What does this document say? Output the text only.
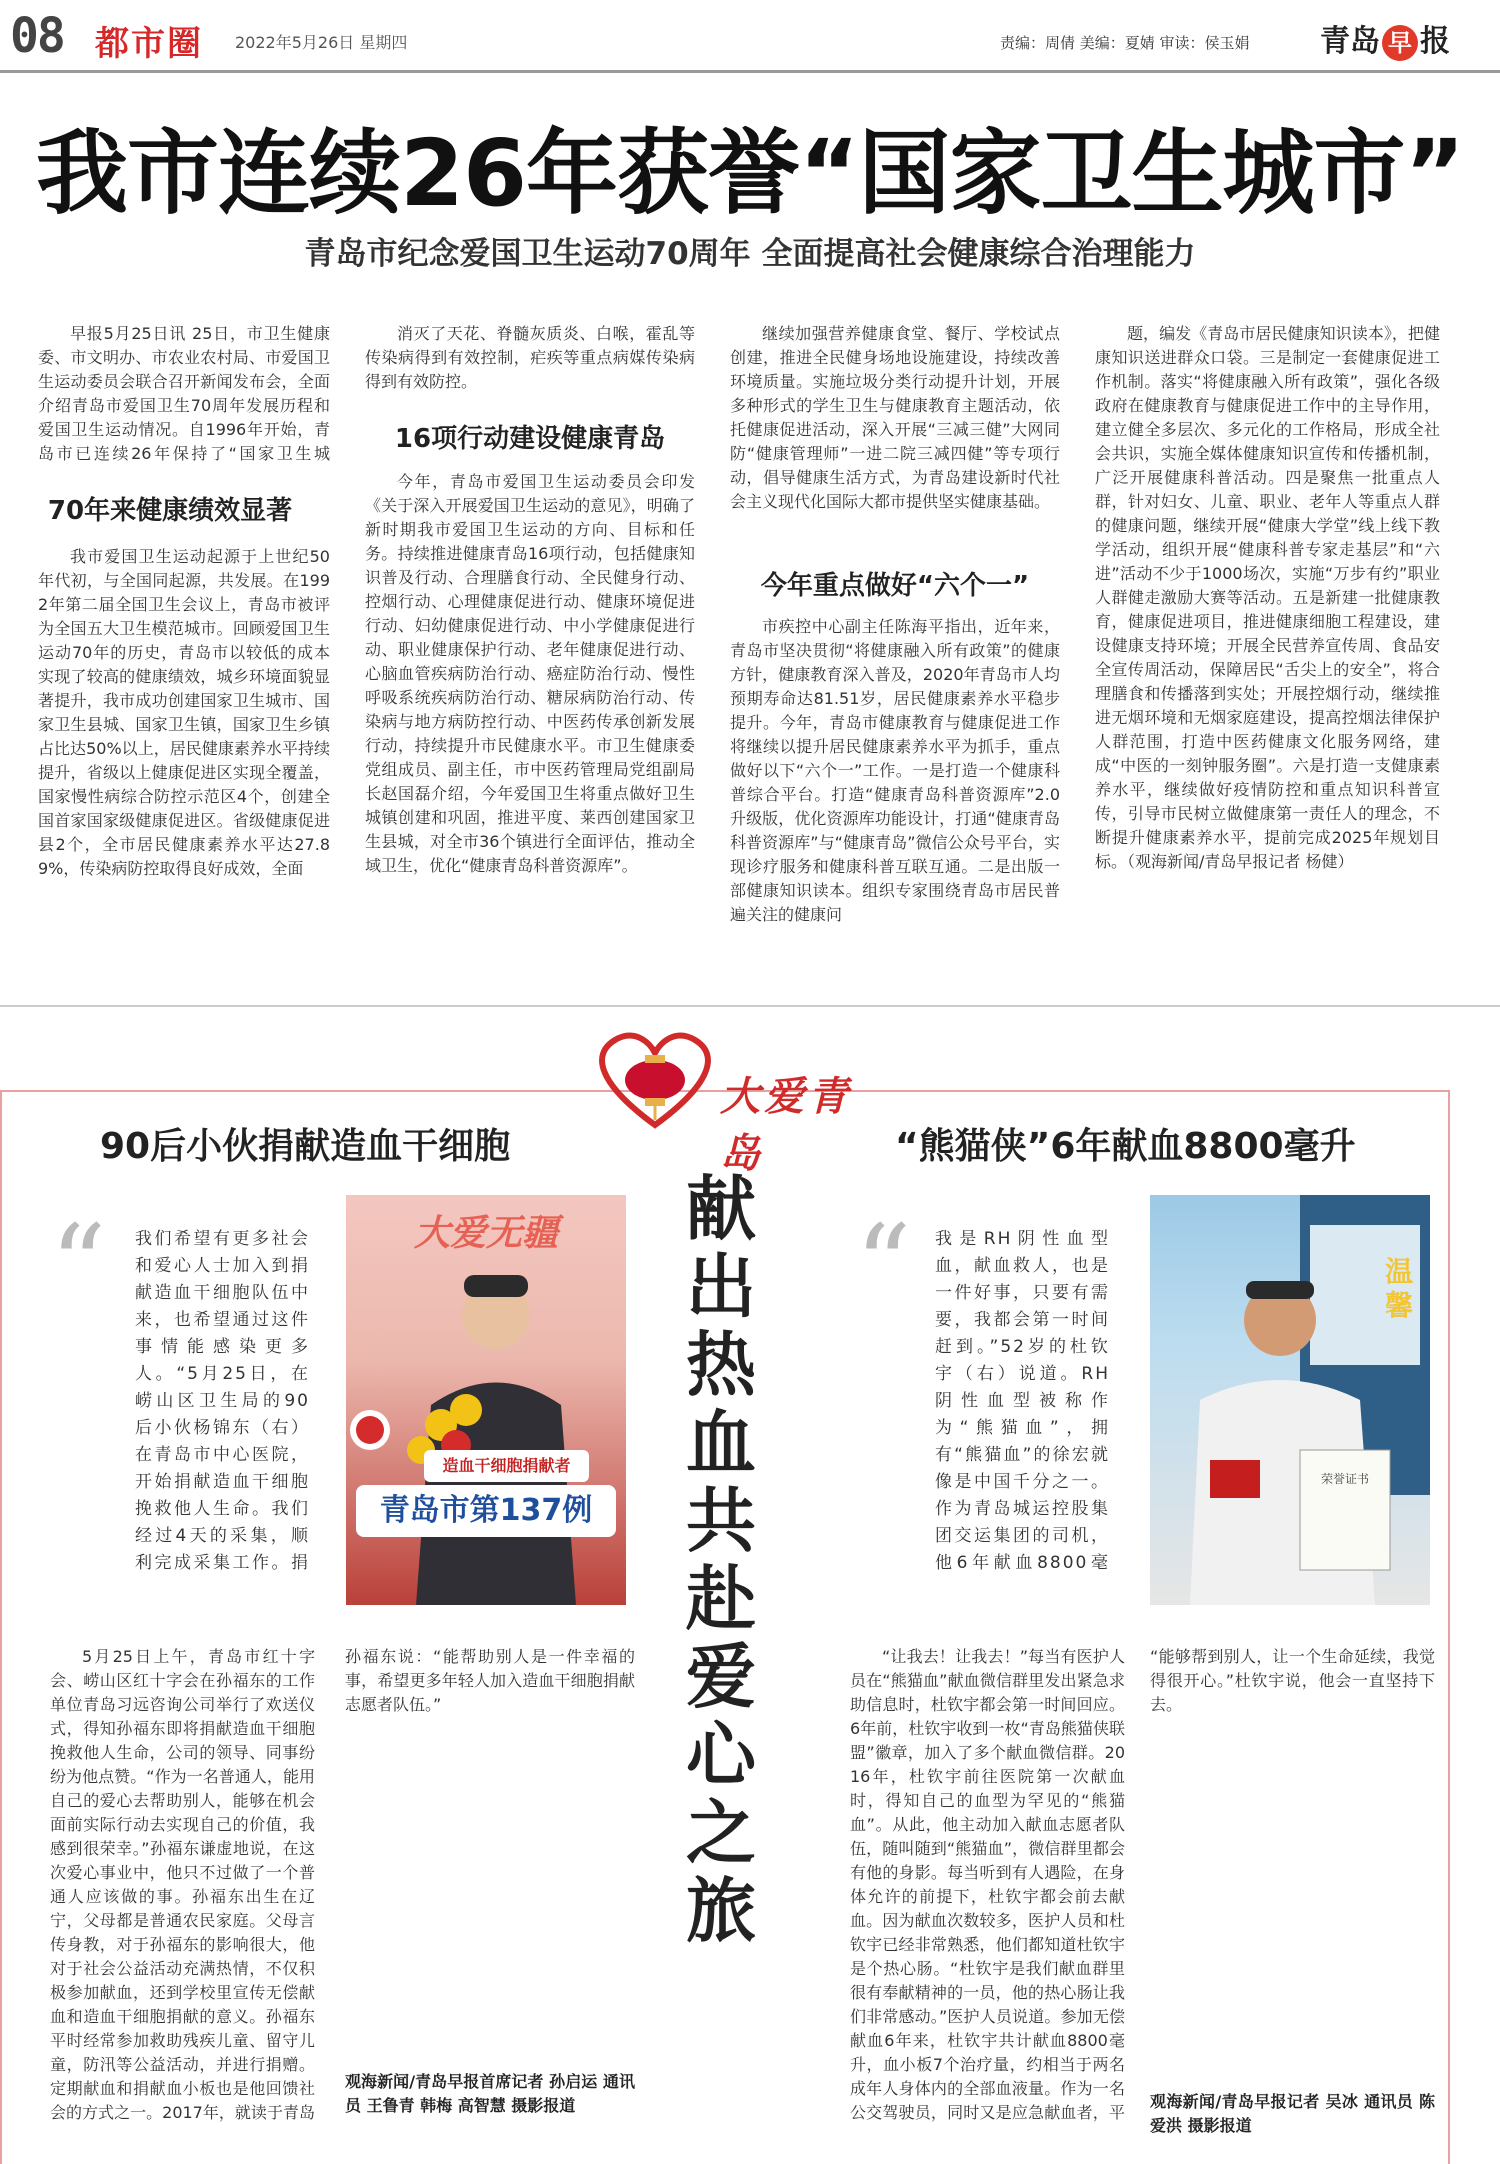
08 都市圈 2022年5月26日 星期四	责编：周倩 美编：夏婧 审读：侯玉娟 青岛 早 报
我市连续26年获誉“国家卫生城市”
青岛市纪念爱国卫生运动70周年 全面提高社会健康综合治理能力

早报5月25日讯 25日，市卫生健康委、市文明办、市农业农村局、市爱国卫生运动委员会联合召开新闻发布会，全面介绍青岛市爱国卫生70周年发展历程和爱国卫生运动情况。自1996年开始，青岛市已连续26年保持了“国家卫生城

70年来健康绩效显著

我市爱国卫生运动起源于上世纪50年代初，与全国同起源，共发展。在1992年第二届全国卫生会议上，青岛市被评为全国五大卫生模范城市。回顾爱国卫生运动70年的历史，青岛市以较低的成本实现了较高的健康绩效，城乡环境面貌显著提升，我市成功创建国家卫生城市、国家卫生县城、国家卫生镇，国家卫生乡镇占比达50%以上，居民健康素养水平持续提升，省级以上健康促进区实现全覆盖，国家慢性病综合防控示范区4个，创建全国首家国家级健康促进区。省级健康促进县2个，全市居民健康素养水平达27.89%，传染病防控取得良好成效，全面

消灭了天花、脊髓灰质炎、白喉，霍乱等传染病得到有效控制，疟疾等重点病媒传染病得到有效防控。

16项行动建设健康青岛

今年，青岛市爱国卫生运动委员会印发《关于深入开展爱国卫生运动的意见》，明确了新时期我市爱国卫生运动的方向、目标和任务。持续推进健康青岛16项行动，包括健康知识普及行动、合理膳食行动、全民健身行动、控烟行动、心理健康促进行动、健康环境促进行动、妇幼健康促进行动、中小学健康促进行动、职业健康保护行动、老年健康促进行动、心脑血管疾病防治行动、癌症防治行动、慢性呼吸系统疾病防治行动、糖尿病防治行动、传染病与地方病防控行动、中医药传承创新发展行动，持续提升市民健康水平。市卫生健康委党组成员、副主任，市中医药管理局党组副局长赵国磊介绍，今年爱国卫生将重点做好卫生城镇创建和巩固，推进平度、莱西创建国家卫生县城，对全市36个镇进行全面评估，推动全域卫生，优化“健康青岛科普资源库”。

继续加强营养健康食堂、餐厅、学校试点创建，推进全民健身场地设施建设，持续改善环境质量。实施垃圾分类行动提升计划，开展多种形式的学生卫生与健康教育主题活动，依托健康促进活动，深入开展“三减三健”大网同防“健康管理师”一进二院三减四健”等专项行动，倡导健康生活方式，为青岛建设新时代社会主义现代化国际大都市提供坚实健康基础。

今年重点做好“六个一”

市疾控中心副主任陈海平指出，近年来，青岛市坚决贯彻“将健康融入所有政策”的健康方针，健康教育深入普及，2020年青岛市人均预期寿命达81.51岁，居民健康素养水平稳步提升。今年，青岛市健康教育与健康促进工作将继续以提升居民健康素养水平为抓手，重点做好以下“六个一”工作。一是打造一个健康科普综合平台。打造“健康青岛科普资源库”2.0升级版，优化资源库功能设计，打通“健康青岛科普资源库”与“健康青岛”微信公众号平台，实现诊疗服务和健康科普互联互通。二是出版一部健康知识读本。组织专家围绕青岛市居民普遍关注的健康问

题，编发《青岛市居民健康知识读本》，把健康知识送进群众口袋。三是制定一套健康促进工作机制。落实“将健康融入所有政策”，强化各级政府在健康教育与健康促进工作中的主导作用，建立健全多层次、多元化的工作格局，形成全社会共识，实施全媒体健康知识宣传和传播机制，广泛开展健康科普活动。四是聚焦一批重点人群，针对妇女、儿童、职业、老年人等重点人群的健康问题，继续开展“健康大学堂”线上线下教学活动，组织开展“健康科普专家走基层”和“六进”活动不少于1000场次，实施“万步有约”职业人群健走激励大赛等活动。五是新建一批健康教育，健康促进项目，推进健康细胞工程建设，建设健康支持环境；开展全民营养宣传周、食品安全宣传周活动，保障居民“舌尖上的安全”，将合理膳食和传播落到实处；开展控烟行动，继续推进无烟环境和无烟家庭建设，提高控烟法律保护人群范围，打造中医药健康文化服务网络，建成“中医的一刻钟服务圈”。六是打造一支健康素养水平，继续做好疫情防控和重点知识科普宣传，引导市民树立做健康第一责任人的理念，不断提升健康素养水平，提前完成2025年规划目标。（观海新闻/青岛早报记者 杨健）

大爱青岛
90后小伙捐献造血干细胞
“ 我们希望有更多社会和爱心人士加入到捐献造血干细胞队伍中来，也希望通过这件事情能感染更多人。“5月25日，在崂山区卫生局的90后小伙杨锦东（右）在青岛市中心医院，开始捐献造血干细胞挽救他人生命。我们经过4天的采集，顺利完成采集工作。捐
大爱无疆
造血干细胞捐献者
青岛市第137例

5月25日上午，青岛市红十字会、崂山区红十字会在孙福东的工作单位青岛习远咨询公司举行了欢送仪式，得知孙福东即将捐献造血干细胞挽救他人生命，公司的领导、同事纷纷为他点赞。“作为一名普通人，能用自己的爱心去帮助别人，能够在机会面前实际行动去实现自己的价值，我感到很荣幸。”孙福东谦虚地说，在这次爱心事业中，他只不过做了一个普通人应该做的事。孙福东出生在辽宁，父母都是普通农民家庭。父母言传身教，对于孙福东的影响很大，他对于社会公益活动充满热情，不仅积极参加献血，还到学校里宣传无偿献血和造血干细胞捐献的意义。孙福东平时经常参加救助残疾儿童、留守儿童，防汛等公益活动，并进行捐赠。定期献血和捐献血小板也是他回馈社会的方式之一。2017年，就读于青岛

孙福东说：“能帮助别人是一件幸福的事，希望更多年轻人加入造血干细胞捐献志愿者队伍。”

观海新闻/青岛早报首席记者 孙启运 通讯员 王鲁青 韩梅 高智慧 摄影报道
献出热血 共赴爱心之旅
“熊猫侠”6年献血8800毫升
“ 我是RH阴性血型血，献血救人，也是一件好事，只要有需要，我都会第一时间赶到。”52岁的杜钦宇（右）说道。RH阴性血型被称作为“熊猫血”，拥有“熊猫血”的徐宏就像是中国千分之一。作为青岛城运控股集团交运集团的司机，他6年献血8800毫
温馨
荣誉证书

“让我去！让我去！”每当有医护人员在“熊猫血”献血微信群里发出紧急求助信息时，杜钦宇都会第一时间回应。6年前，杜钦宇收到一枚“青岛熊猫侠联盟”徽章，加入了多个献血微信群。2016年，杜钦宇前往医院第一次献血时，得知自己的血型为罕见的“熊猫血”。从此，他主动加入献血志愿者队伍，随叫随到“熊猫血”，微信群里都会有他的身影。每当听到有人遇险，在身体允许的前提下，杜钦宇都会前去献血。因为献血次数较多，医护人员和杜钦宇已经非常熟悉，他们都知道杜钦宇是个热心肠。“杜钦宇是我们献血群里很有奉献精神的一员，他的热心肠让我们非常感动。”医护人员说道。参加无偿献血6年来，杜钦宇共计献血8800毫升，血小板7个治疗量，约相当于两名成年人身体内的全部血液量。作为一名公交驾驶员，同时又是应急献血者，平

“能够帮到别人，让一个生命延续，我觉得很开心。”杜钦宇说，他会一直坚持下去。

观海新闻/青岛早报记者 吴冰 通讯员 陈爱洪 摄影报道
